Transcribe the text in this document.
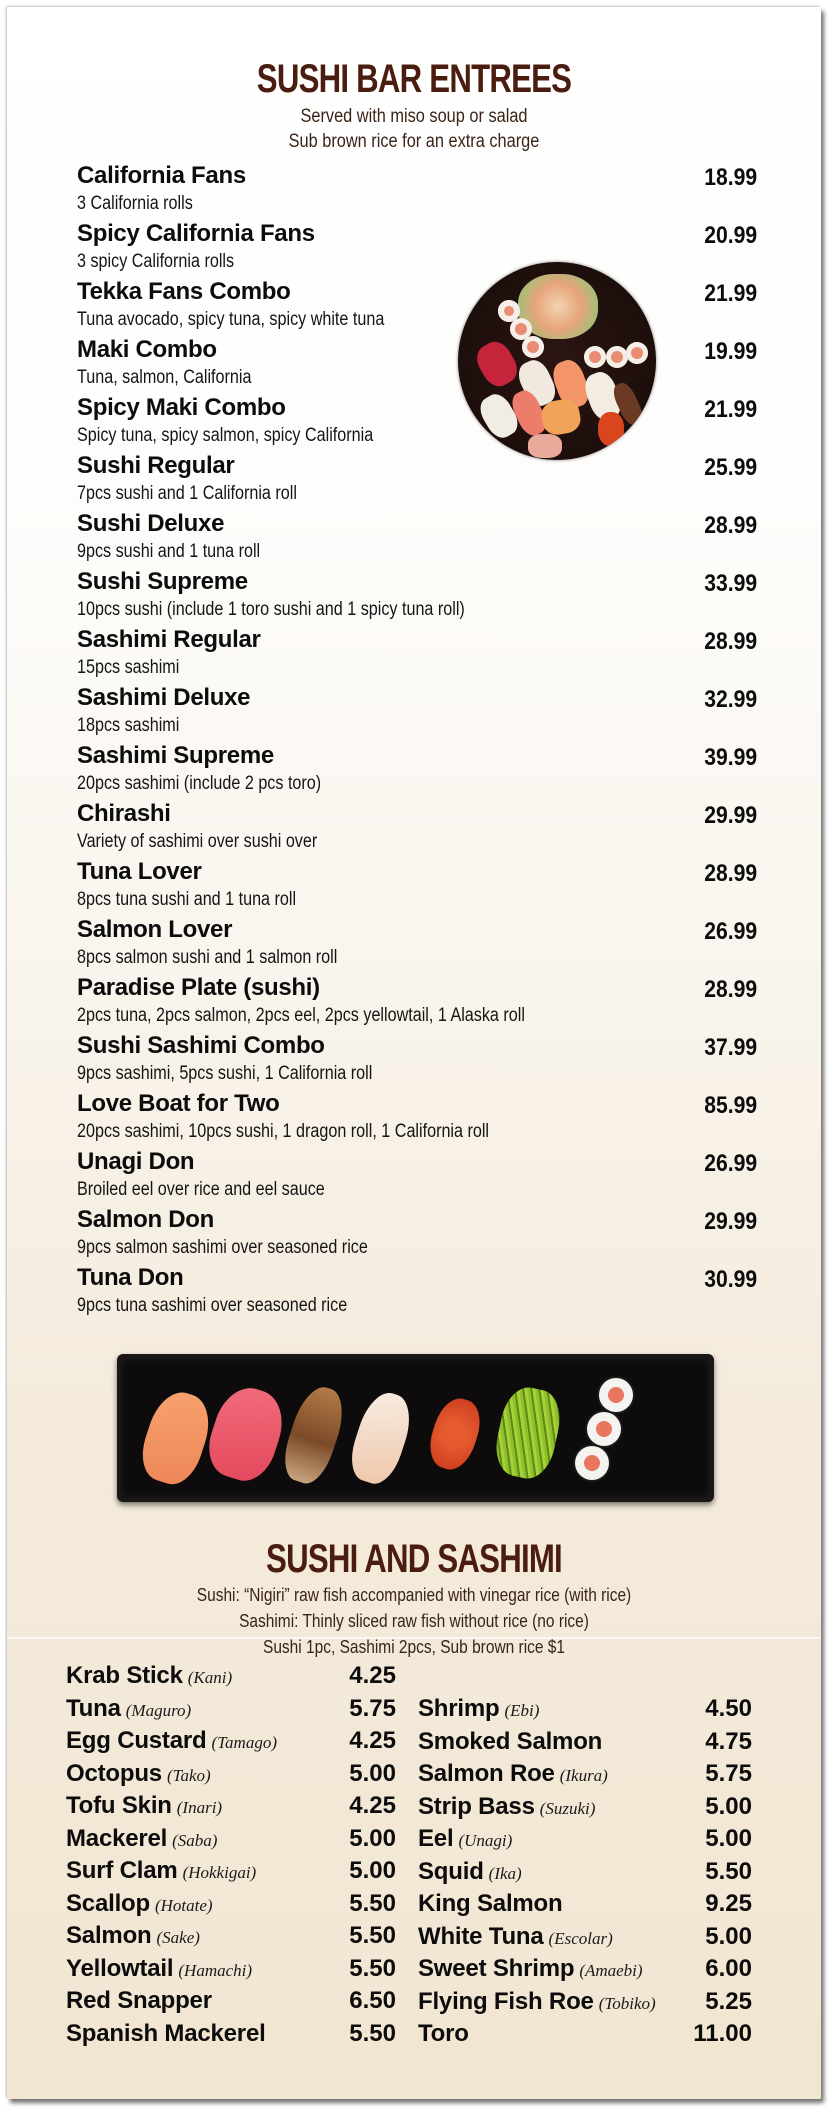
SUSHI BAR ENTREES
Served with miso soup or salad
Sub brown rice for an extra charge
California Fans	18.99
3 California rolls
Spicy California Fans	20.99
3 spicy California rolls
Tekka Fans Combo	21.99
Tuna avocado, spicy tuna, spicy white tuna
Maki Combo	19.99
Tuna, salmon, California
Spicy Maki Combo	21.99
Spicy tuna, spicy salmon, spicy California
Sushi Regular	25.99
7pcs sushi and 1 California roll
Sushi Deluxe	28.99
9pcs sushi and 1 tuna roll
Sushi Supreme	33.99
10pcs sushi (include 1 toro sushi and 1 spicy tuna roll)
Sashimi Regular	28.99
15pcs sashimi
Sashimi Deluxe	32.99
18pcs sashimi
Sashimi Supreme	39.99
20pcs sashimi (include 2 pcs toro)
Chirashi	29.99
Variety of sashimi over sushi over
Tuna Lover	28.99
8pcs tuna sushi and 1 tuna roll
Salmon Lover	26.99
8pcs salmon sushi and 1 salmon roll
Paradise Plate (sushi)	28.99
2pcs tuna, 2pcs salmon, 2pcs eel, 2pcs yellowtail, 1 Alaska roll
Sushi Sashimi Combo	37.99
9pcs sashimi, 5pcs sushi, 1 California roll
Love Boat for Two	85.99
20pcs sashimi, 10pcs sushi, 1 dragon roll, 1 California roll
Unagi Don	26.99
Broiled eel over rice and eel sauce
Salmon Don	29.99
9pcs salmon sashimi over seasoned rice
Tuna Don	30.99
9pcs tuna sashimi over seasoned rice
SUSHI AND SASHIMI
Sushi: “Nigiri” raw fish accompanied with vinegar rice (with rice)
Sashimi: Thinly sliced raw fish without rice (no rice)
Sushi 1pc, Sashimi 2pcs, Sub brown rice $1
Krab Stick (Kani)	4.25
Tuna (Maguro)	5.75
Egg Custard (Tamago)	4.25
Octopus (Tako)	5.00
Tofu Skin (Inari)	4.25
Mackerel (Saba)	5.00
Surf Clam (Hokkigai)	5.00
Scallop (Hotate)	5.50
Salmon (Sake)	5.50
Yellowtail (Hamachi)	5.50
Red Snapper	6.50
Spanish Mackerel	5.50
Shrimp (Ebi)	4.50
Smoked Salmon	4.75
Salmon Roe (Ikura)	5.75
Strip Bass (Suzuki)	5.00
Eel (Unagi)	5.00
Squid (Ika)	5.50
King Salmon	9.25
White Tuna (Escolar)	5.00
Sweet Shrimp (Amaebi)	6.00
Flying Fish Roe (Tobiko) 5.25
Toro	11.00
